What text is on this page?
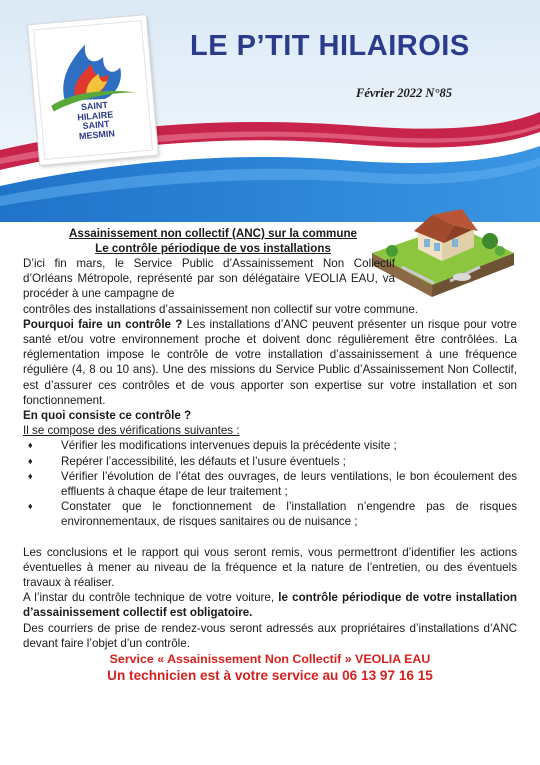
LE P’TIT HILAIROIS
Février 2022 N°85
SAINT
HILAIRE
SAINT
MESMIN

Assainissement non collectif (ANC) sur la commune

Le contrôle périodique de vos installations

D’ici fin mars, le Service Public d’Assainissement Non Collectif d’Orléans Métropole, représenté par son délégataire VEOLIA EAU, va procéder à une campagne de

contrôles des installations d’assainissement non collectif sur votre commune.

Pourquoi faire un contrôle ? Les installations d’ANC peuvent présenter un risque pour votre santé et/ou votre environnement proche et doivent donc régulièrement être contrôlées. La réglementation impose le contrôle de votre installation d’assainissement à une fréquence régulière (4, 8 ou 10 ans). Une des missions du Service Public d’Assainissement Non Collectif, est d’assurer ces contrôles et de vous apporter son expertise sur votre installation et son fonctionnement.

En quoi consiste ce contrôle ?

Il se compose des vérifications suivantes :

♦ Vérifier les modifications intervenues depuis la précédente visite ;
♦ Repérer l’accessibilité, les défauts et l’usure éventuels ;
♦ Vérifier l’évolution de l’état des ouvrages, de leurs ventilations, le bon écoulement des effluents à chaque étape de leur traitement ;
♦ Constater que le fonctionnement de l’installation n’engendre pas de risques environnementaux, de risques sanitaires ou de nuisance ;

Les conclusions et le rapport qui vous seront remis, vous permettront d’identifier les actions éventuelles à mener au niveau de la fréquence et la nature de l’entretien, ou des éventuels travaux à réaliser.

A l’instar du contrôle technique de votre voiture, le contrôle périodique de votre installation d’assainissement collectif est obligatoire.

Des courriers de prise de rendez-vous seront adressés aux propriétaires d’installations d’ANC devant faire l’objet d’un contrôle.

Service « Assainissement Non Collectif » VEOLIA EAU
Un technicien est à votre service au 06 13 97 16 15
